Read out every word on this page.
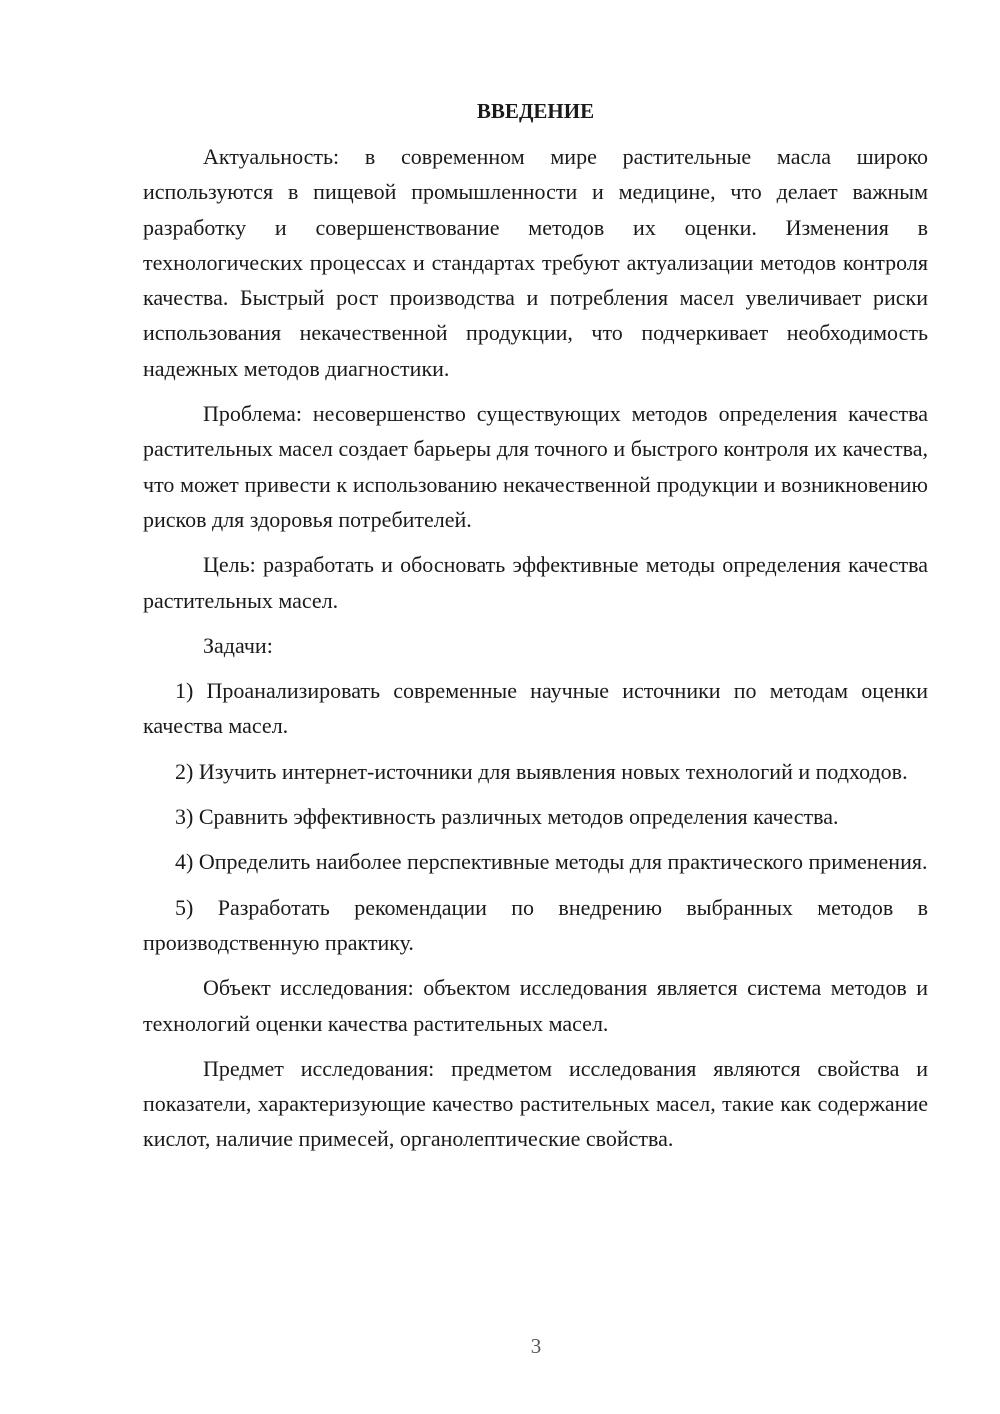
ВВЕДЕНИЕ

Актуальность: в современном мире растительные масла широко используются в пищевой промышленности и медицине, что делает важным разработку и совершенствование методов их оценки. Изменения в технологических процессах и стандартах требуют актуализации методов контроля качества. Быстрый рост производства и потребления масел увеличивает риски использования некачественной продукции, что подчеркивает необходимость надежных методов диагностики.

Проблема: несовершенство существующих методов определения качества растительных масел создает барьеры для точного и быстрого контроля их качества, что может привести к использованию некачественной продукции и возникновению рисков для здоровья потребителей.

Цель: разработать и обосновать эффективные методы определения качества растительных масел.

Задачи:

1) Проанализировать современные научные источники по методам оценки качества масел.

2) Изучить интернет-источники для выявления новых технологий и подходов.

3) Сравнить эффективность различных методов определения качества.

4) Определить наиболее перспективные методы для практического применения.

5) Разработать рекомендации по внедрению выбранных методов в производственную практику.

Объект исследования: объектом исследования является система методов и технологий оценки качества растительных масел.

Предмет исследования: предметом исследования являются свойства и показатели, характеризующие качество растительных масел, такие как содержание кислот, наличие примесей, органолептические свойства.

3
